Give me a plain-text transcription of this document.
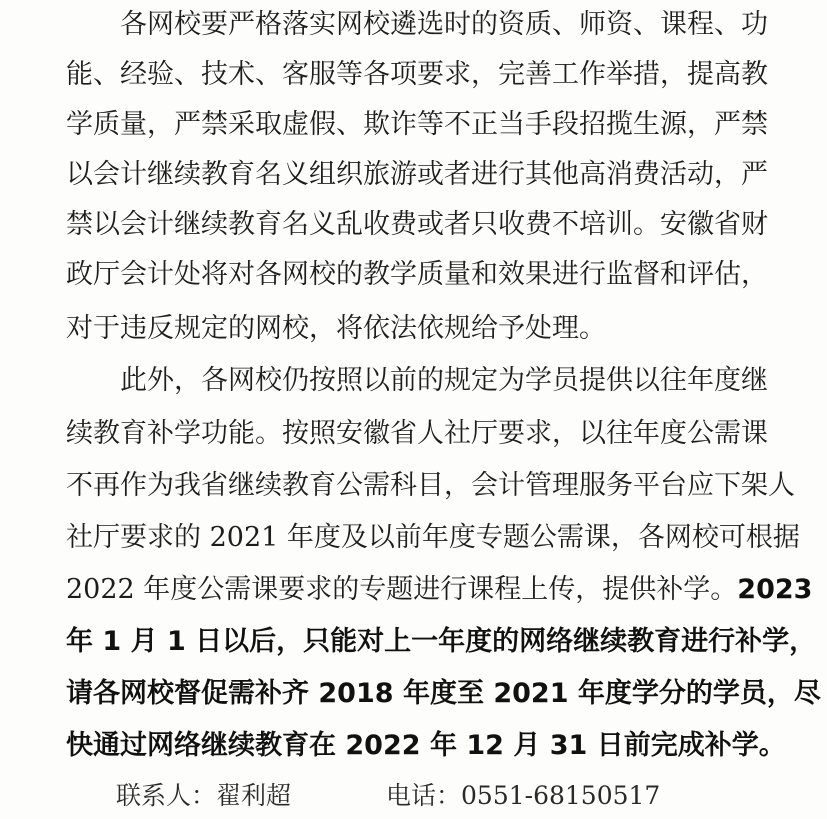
　　各网校要严格落实网校遴选时的资质、师资、课程、功
能、经验、技术、客服等各项要求，完善工作举措，提高教
学质量，严禁采取虚假、欺诈等不正当手段招揽生源，严禁
以会计继续教育名义组织旅游或者进行其他高消费活动，严
禁以会计继续教育名义乱收费或者只收费不培训。安徽省财
政厅会计处将对各网校的教学质量和效果进行监督和评估，
对于违反规定的网校，将依法依规给予处理。
　　此外，各网校仍按照以前的规定为学员提供以往年度继
续教育补学功能。按照安徽省人社厅要求，以往年度公需课
不再作为我省继续教育公需科目，会计管理服务平台应下架人
社厅要求的 2021 年度及以前年度专题公需课，各网校可根据
2022 年度公需课要求的专题进行课程上传，提供补学。2023
年 1 月 1 日以后，只能对上一年度的网络继续教育进行补学，
请各网校督促需补齐 2018 年度至 2021 年度学分的学员，尽
快通过网络继续教育在 2022 年 12 月 31 日前完成补学。
联系人：翟利超	电话：0551-68150517
